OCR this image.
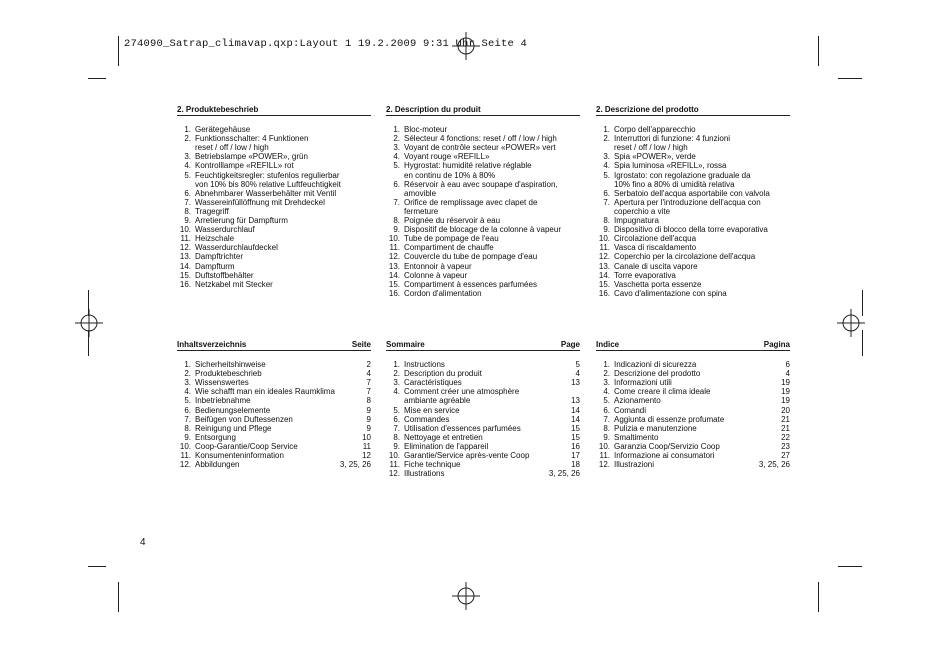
274090_Satrap_climavap.qxp:Layout 1 19.2.2009 9:31 Uhr Seite 4
2. Produktebeschrieb
1. Gerätegehäuse
2. Funktionsschalter: 4 Funktionen
reset / off / low / high
3. Betriebslampe «POWER», grün
4. Kontrolllampe «REFILL» rot
5. Feuchtigkeitsregler: stufenlos regulierbar
von 10% bis 80% relative Luftfeuchtigkeit
6. Abnehmbarer Wasserbehälter mit Ventil
7. Wassereinfüllöffnung mit Drehdeckel
8. Tragegriff
9. Arretierung für Dampfturm
10. Wasserdurchlauf
11. Heizschale
12. Wasserdurchlaufdeckel
13. Dampftrichter
14. Dampfturm
15. Duftstoffbehälter
16. Netzkabel mit Stecker
2. Description du produit
1. Bloc-moteur
2. Sélecteur 4 fonctions: reset / off / low / high
3. Voyant de contrôle secteur «POWER» vert
4. Voyant rouge «REFILL»
5. Hygrostat: humidité relative réglable
en continu de 10% à 80%
6. Réservoir à eau avec soupape d'aspiration,
amovible
7. Orifice de remplissage avec clapet de
fermeture
8. Poignée du réservoir à eau
9. Dispositif de blocage de la colonne à vapeur
10. Tube de pompage de l'eau
11. Compartiment de chauffe
12. Couvercle du tube de pompage d'eau
13. Entonnoir à vapeur
14. Colonne à vapeur
15. Compartiment à essences parfumées
16. Cordon d'alimentation
2. Descrizione del prodotto
1. Corpo dell'apparecchio
2. Interruttori di funzione: 4 funzioni
reset / off / low / high
3. Spia «POWER», verde
4. Spia luminosa «REFILL», rossa
5. Igrostato: con regolazione graduale da
10% fino a 80% di umidità relativa
6. Serbatoio dell'acqua asportabile con valvola
7. Apertura per l'introduzione dell'acqua con
coperchio a vite
8. Impugnatura
9. Dispositivo di blocco della torre evaporativa
10. Circolazione dell'acqua
11. Vasca di riscaldamento
12. Coperchio per la circolazione dell'acqua
13. Canale di uscita vapore
14. Torre evaporativa
15. Vaschetta porta essenze
16. Cavo d'alimentazione con spina
Inhaltsverzeichnis	Seite
1. Sicherheitshinweise	2
2. Produktebeschrieb	4
3. Wissenswertes	7
4. Wie schafft man ein ideales Raumklima	7
5. Inbetriebnahme	8
6. Bedienungselemente	9
7. Beifügen von Duftessenzen	9
8. Reinigung und Pflege	9
9. Entsorgung	10
10. Coop-Garantie/Coop Service	11
11. Konsumenteninformation	12
12. Abbildungen	3, 25, 26
Sommaire	Page
1. Instructions	5
2. Description du produit	4
3. Caractéristiques	13
4. Comment créer une atmosphère
ambiante agréable	13
5. Mise en service	14
6. Commandes	14
7. Utilisation d'essences parfumées	15
8. Nettoyage et entretien	15
9. Elimination de l'appareil	16
10. Garantie/Service après-vente Coop	17
11. Fiche technique	18
12. Illustrations	3, 25, 26
Indice	Pagina
1. Indicazioni di sicurezza	6
2. Descrizione del prodotto	4
3. Informazioni utili	19
4. Come creare il clima ideale	19
5. Azionamento	19
6. Comandi	20
7. Aggiunta di essenze profumate	21
8. Pulizia e manutenzione	21
9. Smaltimento	22
10. Garanzia Coop/Servizio Coop	23
11. Informazione ai consumatori	27
12. Illustrazioni	3, 25, 26
4
